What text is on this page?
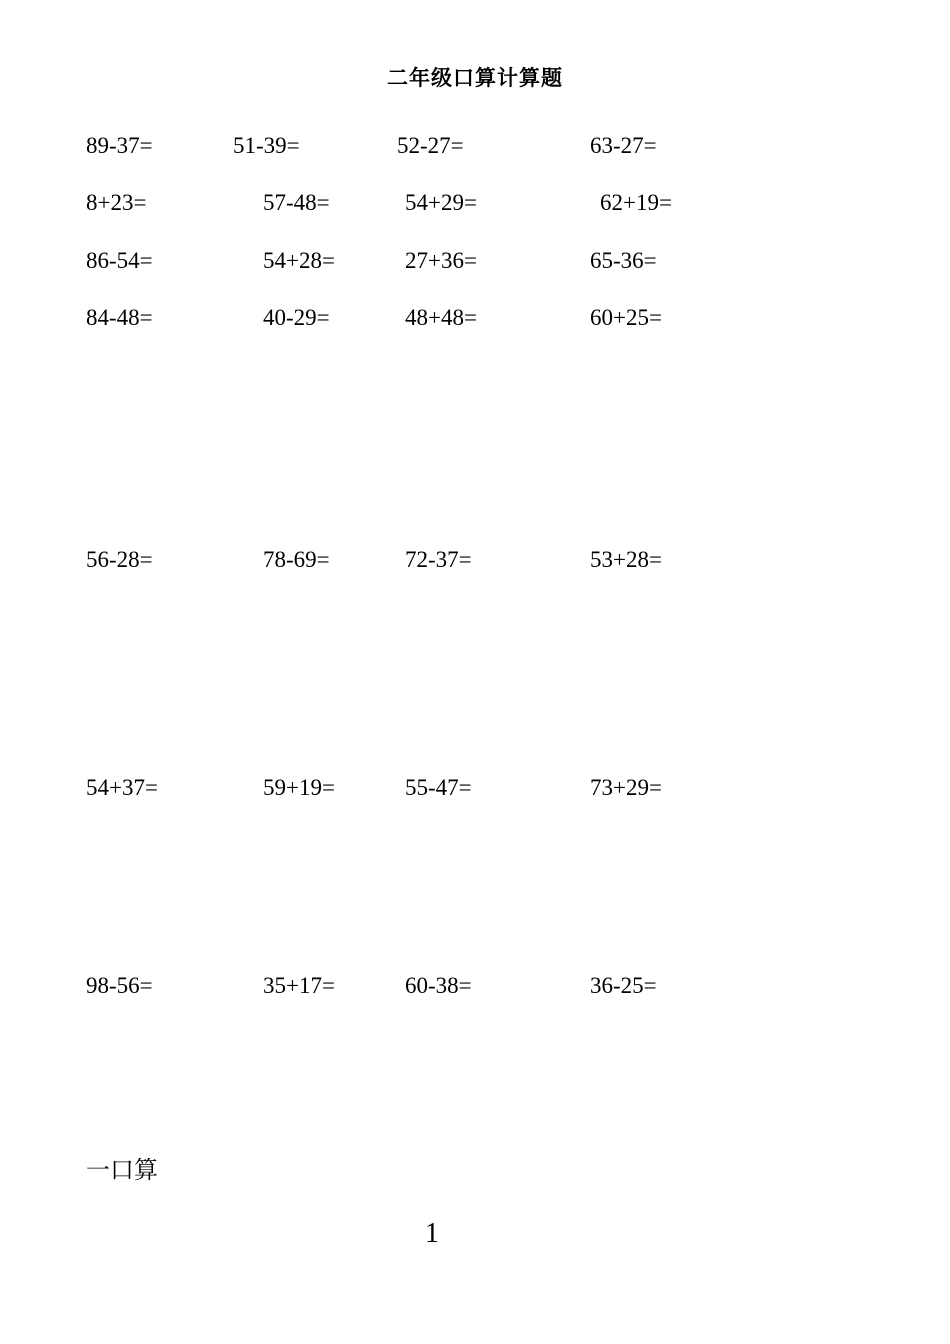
二年级口算计算题
89-37=	51-39=	52-27=	63-27=
8+23=	57-48=	54+29=	62+19=
86-54=	54+28=	27+36=	65-36=
84-48=	40-29=	48+48=	60+25=
56-28=	78-69=	72-37=	53+28=
54+37=	59+19=	55-47=	73+29=
98-56=	35+17=	60-38=	36-25=
一口算
1
